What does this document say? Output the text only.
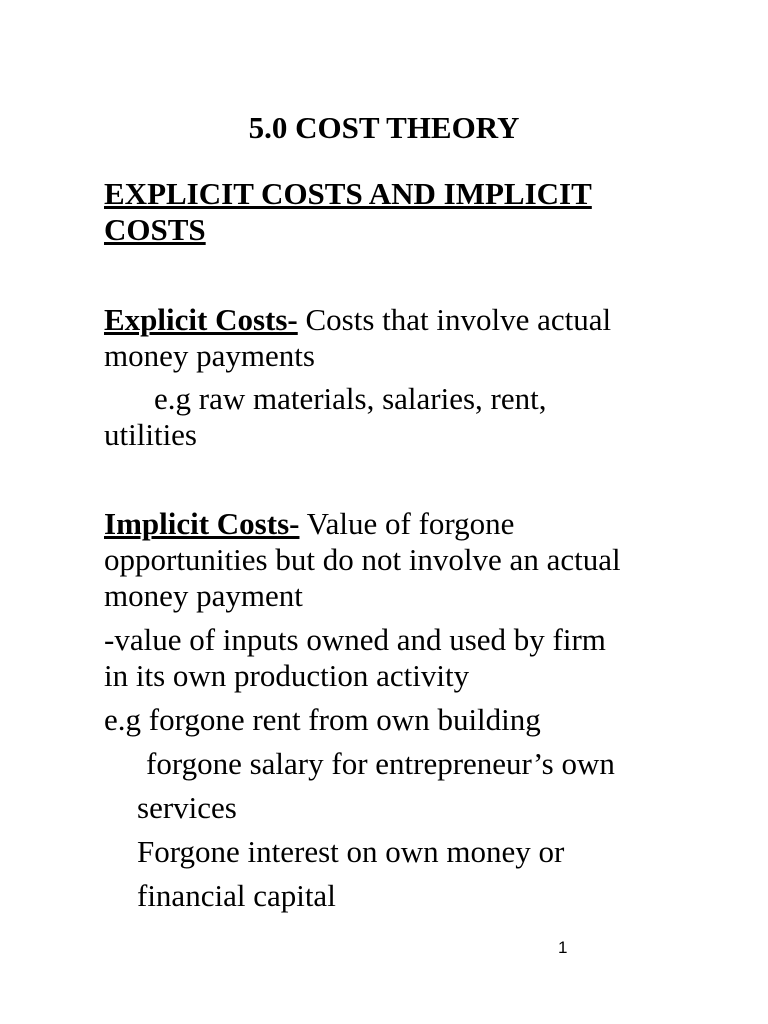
5.0 COST THEORY
EXPLICIT COSTS AND IMPLICIT
COSTS
Explicit Costs- Costs that involve actual
money payments
e.g raw materials, salaries, rent,
utilities
Implicit Costs- Value of forgone
opportunities but do not involve an actual
money payment
-value of inputs owned and used by firm
in its own production activity
e.g forgone rent from own building
forgone salary for entrepreneur’s own
services
Forgone interest on own money or
financial capital
1
